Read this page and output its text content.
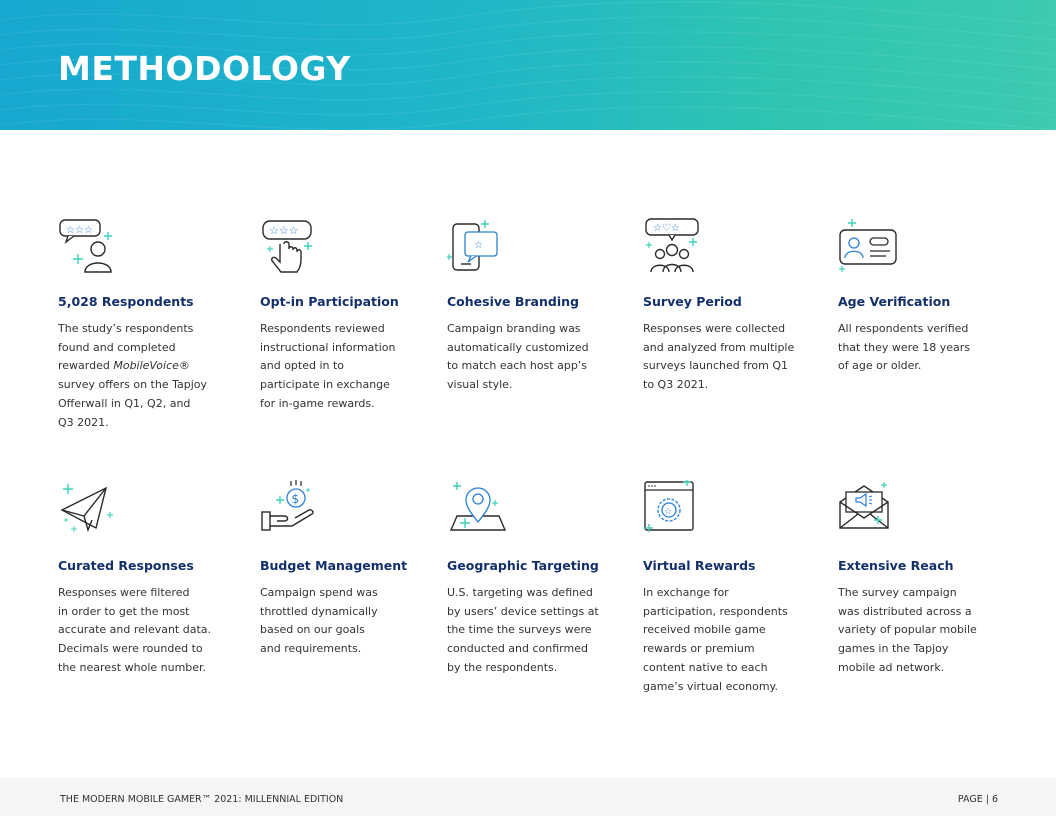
METHODOLOGY
☆☆☆
5,028 Respondents
The study’s respondents
found and completed
rewarded MobileVoice®
survey offers on the Tapjoy
Offerwall in Q1, Q2, and
Q3 2021.
☆☆☆
Opt-in Participation
Respondents reviewed
instructional information
and opted in to
participate in exchange
for in-game rewards.
☆
Cohesive Branding
Campaign branding was
automatically customized
to match each host app’s
visual style.
☆♡☆
Survey Period
Responses were collected
and analyzed from multiple
surveys launched from Q1
to Q3 2021.
Age Verification
All respondents verified
that they were 18 years
of age or older.
Curated Responses
Responses were filtered
in order to get the most
accurate and relevant data.
Decimals were rounded to
the nearest whole number.
$
Budget Management
Campaign spend was
throttled dynamically
based on our goals
and requirements.
Geographic Targeting
U.S. targeting was defined
by users’ device settings at
the time the surveys were
conducted and confirmed
by the respondents.
☆
Virtual Rewards
In exchange for
participation, respondents
received mobile game
rewards or premium
content native to each
game’s virtual economy.
Extensive Reach
The survey campaign
was distributed across a
variety of popular mobile
games in the Tapjoy
mobile ad network.
THE MODERN MOBILE GAMER™ 2021: MILLENNIAL EDITION	PAGE | 6
